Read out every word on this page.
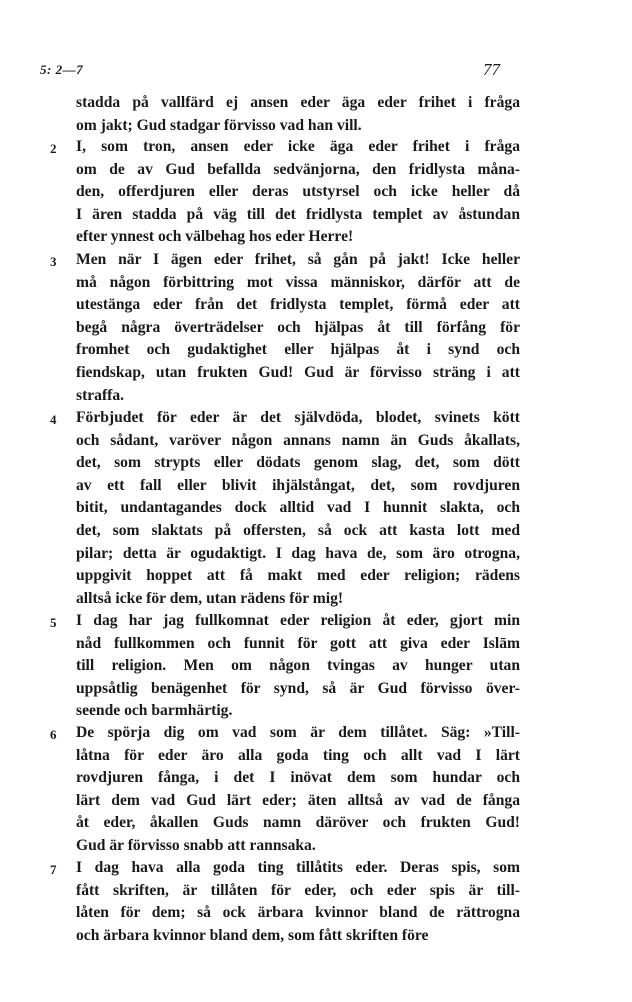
5: 2—7	77
stadda på vallfärd ej ansen eder äga eder frihet i fråga
om jakt; Gud stadgar förvisso vad han vill.
2 I, som tron, ansen eder icke äga eder frihet i fråga
om de av Gud befallda sedvänjorna, den fridlysta måna-
den, offerdjuren eller deras utstyrsel och icke heller då
I ären stadda på väg till det fridlysta templet av åstundan
efter ynnest och välbehag hos eder Herre!
3 Men när I ägen eder frihet, så gån på jakt! Icke heller
må någon förbittring mot vissa människor, därför att de
utestänga eder från det fridlysta templet, förmå eder att
begå några överträdelser och hjälpas åt till förfång för
fromhet och gudaktighet eller hjälpas åt i synd och
fiendskap, utan frukten Gud! Gud är förvisso sträng i att
straffa.
4 Förbjudet för eder är det självdöda, blodet, svinets kött
och sådant, varöver någon annans namn än Guds åkallats,
det, som strypts eller dödats genom slag, det, som dött
av ett fall eller blivit ihjälstångat, det, som rovdjuren
bitit, undantagandes dock alltid vad I hunnit slakta, och
det, som slaktats på offersten, så ock att kasta lott med
pilar; detta är ogudaktigt. I dag hava de, som äro otrogna,
uppgivit hoppet att få makt med eder religion; rädens
alltså icke för dem, utan rädens för mig!
5 I dag har jag fullkomnat eder religion åt eder, gjort min
nåd fullkommen och funnit för gott att giva eder Islām
till religion. Men om någon tvingas av hunger utan
uppsåtlig benägenhet för synd, så är Gud förvisso över-
seende och barmhärtig.
6 De spörja dig om vad som är dem tillåtet. Säg: »Till-
låtna för eder äro alla goda ting och allt vad I lärt
rovdjuren fånga, i det I inövat dem som hundar och
lärt dem vad Gud lärt eder; äten alltså av vad de fånga
åt eder, åkallen Guds namn däröver och frukten Gud!
Gud är förvisso snabb att rannsaka.
7 I dag hava alla goda ting tillåtits eder. Deras spis, som
fått skriften, är tillåten för eder, och eder spis är till-
låten för dem; så ock ärbara kvinnor bland de rättrogna
och ärbara kvinnor bland dem, som fått skriften före
